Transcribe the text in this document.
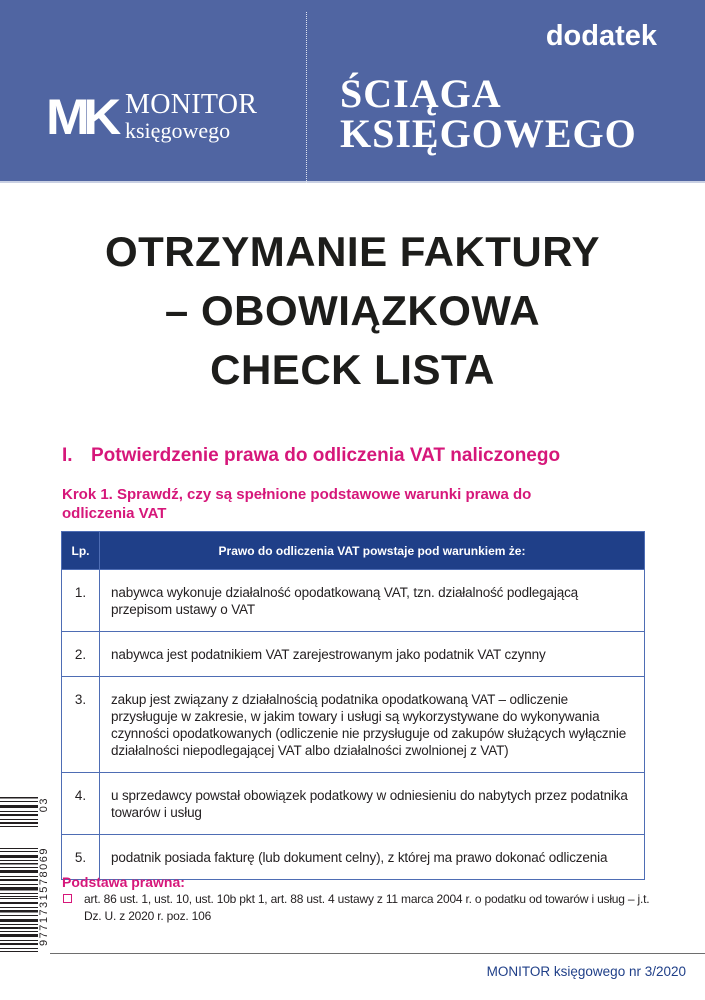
MK MONITOR
księgowego
dodatek
ŚCIĄGA
KSIĘGOWEGO
OTRZYMANIE FAKTURY
– OBOWIĄZKOWA
CHECK LISTA
I. Potwierdzenie prawa do odliczenia VAT naliczonego
Krok 1. Sprawdź, czy są spełnione podstawowe warunki prawa do odliczenia VAT
Lp.	Prawo do odliczenia VAT powstaje pod warunkiem że:
1.	nabywca wykonuje działalność opodatkowaną VAT, tzn. działalność podlegającą przepisom ustawy o VAT
2.	nabywca jest podatnikiem VAT zarejestrowanym jako podatnik VAT czynny
3.	zakup jest związany z działalnością podatnika opodatkowaną VAT – odliczenie przysługuje w zakresie, w jakim towary i usługi są wykorzystywane do wykonywania czynności opodatkowanych (odliczenie nie przysługuje od zakupów służących wyłącznie działalności niepodlegającej VAT albo działalności zwolnionej z VAT)
4.	u sprzedawcy powstał obowiązek podatkowy w odniesieniu do nabytych przez podatnika towarów i usług
5.	podatnik posiada fakturę (lub dokument celny), z której ma prawo dokonać odliczenia
Podstawa prawna:
art. 86 ust. 1, ust. 10, ust. 10b pkt 1, art. 88 ust. 4 ustawy z 11 marca 2004 r. o podatku od towarów i usług – j.t. Dz. U. z 2020 r. poz. 106
03
9771731578069
MONITOR księgowego nr 3/2020
